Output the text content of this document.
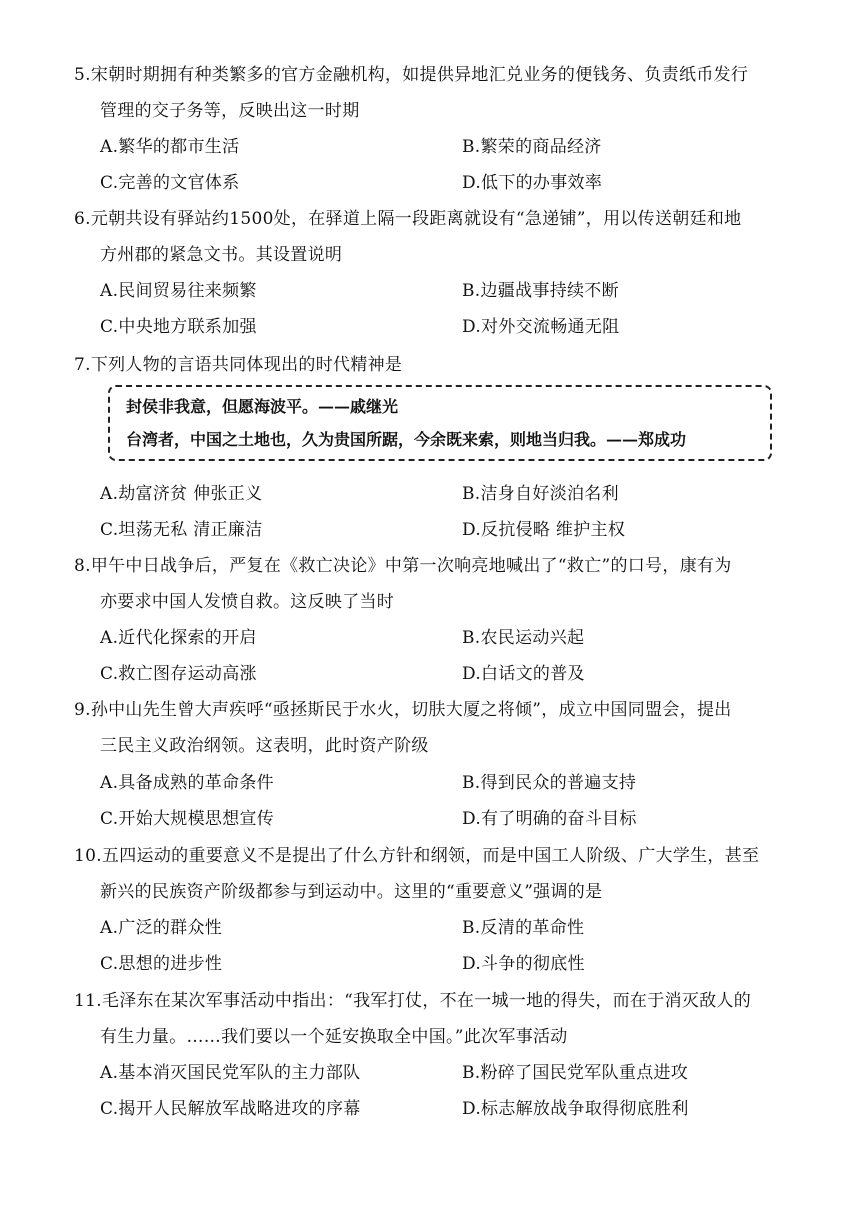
5.宋朝时期拥有种类繁多的官方金融机构，如提供异地汇兑业务的便钱务、负责纸币发行
管理的交子务等，反映出这一时期
A.繁华的都市生活	B.繁荣的商品经济
C.完善的文官体系	D.低下的办事效率
6.元朝共设有驿站约1500处，在驿道上隔一段距离就设有“急递铺”，用以传送朝廷和地
方州郡的紧急文书。其设置说明
A.民间贸易往来频繁	B.边疆战事持续不断
C.中央地方联系加强	D.对外交流畅通无阻
7.下列人物的言语共同体现出的时代精神是
封侯非我意，但愿海波平。——戚继光
台湾者，中国之土地也，久为贵国所踞，今余既来索，则地当归我。——郑成功
A.劫富济贫 伸张正义	B.洁身自好淡泊名利
C.坦荡无私 清正廉洁	D.反抗侵略 维护主权
8.甲午中日战争后，严复在《救亡决论》中第一次响亮地喊出了“救亡”的口号，康有为
亦要求中国人发愤自救。这反映了当时
A.近代化探索的开启	B.农民运动兴起
C.救亡图存运动高涨	D.白话文的普及
9.孙中山先生曾大声疾呼“亟拯斯民于水火，切肤大厦之将倾”，成立中国同盟会，提出
三民主义政治纲领。这表明，此时资产阶级
A.具备成熟的革命条件	B.得到民众的普遍支持
C.开始大规模思想宣传	D.有了明确的奋斗目标
10.五四运动的重要意义不是提出了什么方针和纲领，而是中国工人阶级、广大学生，甚至
新兴的民族资产阶级都参与到运动中。这里的“重要意义”强调的是
A.广泛的群众性	B.反清的革命性
C.思想的进步性	D.斗争的彻底性
11.毛泽东在某次军事活动中指出：“我军打仗，不在一城一地的得失，而在于消灭敌人的
有生力量。……我们要以一个延安换取全中国。”此次军事活动
A.基本消灭国民党军队的主力部队	B.粉碎了国民党军队重点进攻
C.揭开人民解放军战略进攻的序幕	D.标志解放战争取得彻底胜利
